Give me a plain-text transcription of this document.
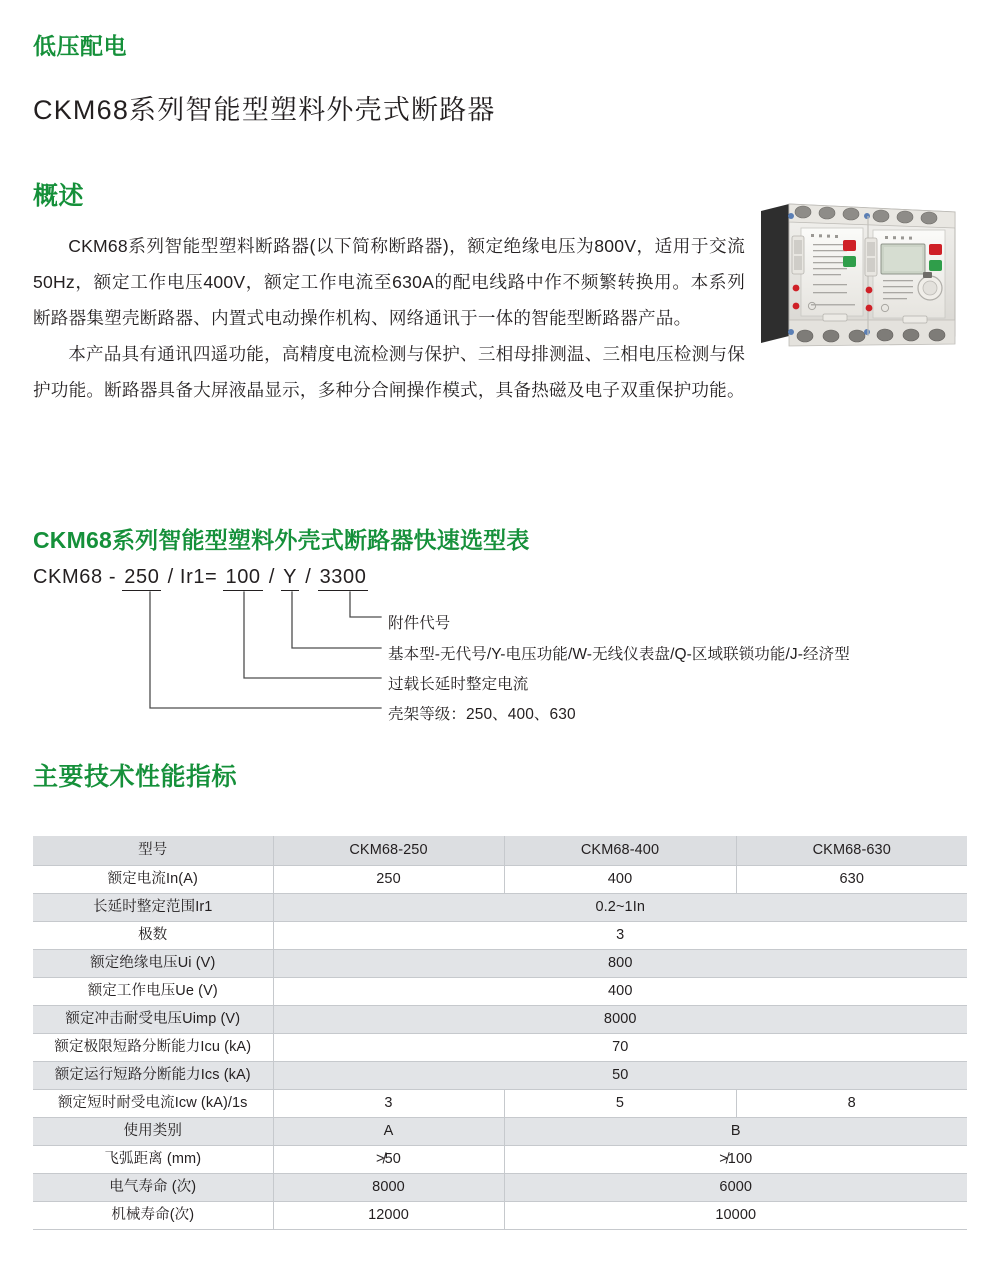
低压配电
CKM68系列智能型塑料外壳式断路器
概述

CKM68系列智能型塑料断路器(以下简称断路器)，额定绝缘电压为800V，适用于交流50Hz，额定工作电压400V，额定工作电流至630A的配电线路中作不频繁转换用。本系列断路器集塑壳断路器、内置式电动操作机构、网络通讯于一体的智能型断路器产品。

本产品具有通讯四遥功能，高精度电流检测与保护、三相母排测温、三相电压检测与保护功能。断路器具备大屏液晶显示，多种分合闸操作模式，具备热磁及电子双重保护功能。

CKM68系列智能型塑料外壳式断路器快速选型表
CKM68 - 250 / Ir1= 100 / Y / 3300
附件代号
基本型-无代号/Y-电压功能/W-无线仪表盘/Q-区域联锁功能/J-经济型
过载长延时整定电流
壳架等级：250、400、630
主要技术性能指标
型号	CKM68-250	CKM68-400	CKM68-630
额定电流In(A)	250	400	630
长延时整定范围Ir1	0.2~1In		
极数	3		
额定绝缘电压Ui (V)	800		
额定工作电压Ue (V)	400		
额定冲击耐受电压Uimp (V)	8000		
额定极限短路分断能力Icu (kA)	70		
额定运行短路分断能力Ics (kA)	50		
额定短时耐受电流Icw (kA)/1s	3	5	8
使用类别	A	B	
飞弧距离 (mm)	≯50	≯100	
电气寿命 (次)	8000	6000	
机械寿命(次)	12000	10000	
